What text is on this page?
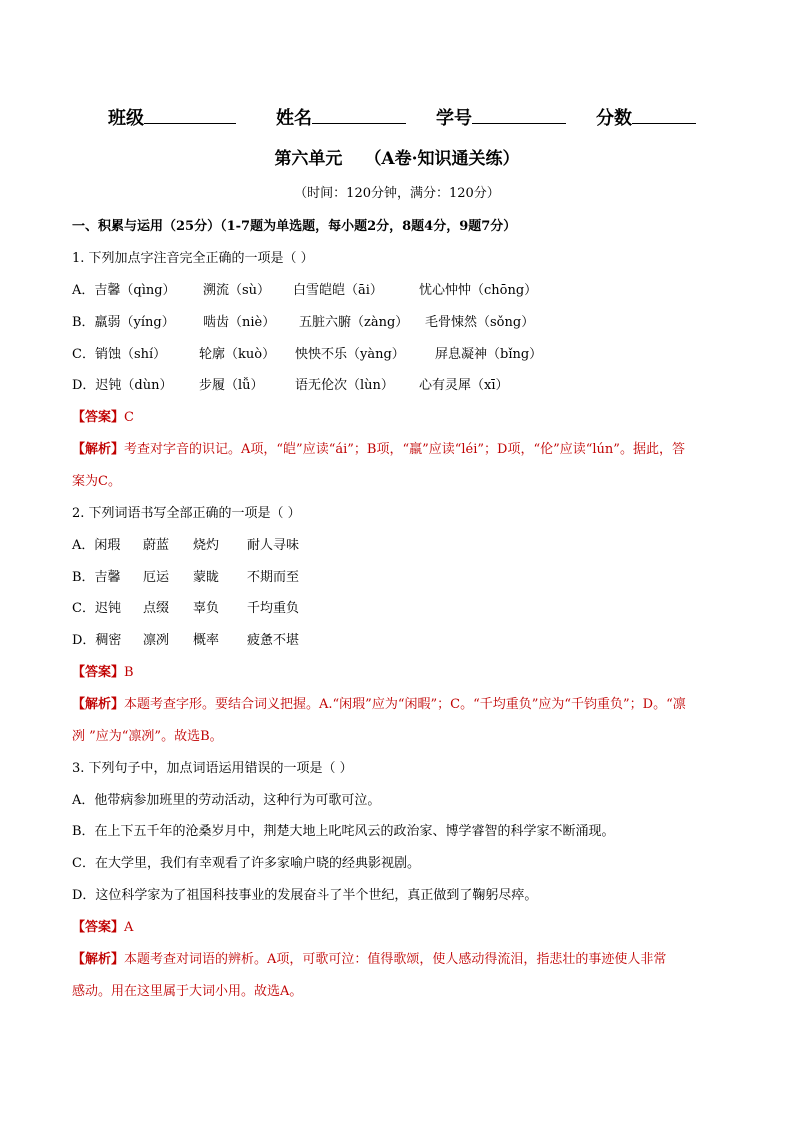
班级	姓名	学号	分数
第六单元 （A卷·知识通关练）
（时间：120分钟，满分：120分）
一、积累与运用（25分）（1-7题为单选题，每小题2分，8题4分，9题7分）
1. 下列加点字注音完全正确的一项是（ ）
A．吉馨（qìng） 溯流（sù） 白雪皑皑（āi）	忧心忡忡（chōng）
B．羸弱（yíng） 啮齿（niè） 五脏六腑（zàng） 毛骨悚然（sǒng）
C．销蚀（shí）	轮廓（kuò） 怏怏不乐（yàng） 屏息凝神（bǐng）
D．迟钝（dùn） 步履（lǚ） 语无伦次（lùn） 心有灵犀（xī）
【答案】C
【解析】考查对字音的识记。A项，“皑”应读“ái”；B项，“羸”应读“léi”；D项，“伦”应读“lún”。据此，答
案为C。
2. 下列词语书写全部正确的一项是（ ）
A．闲瑕 蔚蓝 烧灼 耐人寻味
B．吉馨 厄运 蒙眬 不期而至
C．迟钝 点缀 辜负 千均重负
D．稠密 凛冽 概率 疲惫不堪
【答案】B
【解析】本题考查字形。要结合词义把握。A.“闲瑕”应为“闲暇”；C。“千均重负”应为“千钧重负”；D。“凛
冽 ”应为“凛冽”。故选B。
3. 下列句子中，加点词语运用错误的一项是（ ）
A．他带病参加班里的劳动活动，这种行为可歌可泣。
B．在上下五千年的沧桑岁月中，荆楚大地上叱咤风云的政治家、博学睿智的科学家不断涌现。
C．在大学里，我们有幸观看了许多家喻户晓的经典影视剧。
D．这位科学家为了祖国科技事业的发展奋斗了半个世纪，真正做到了鞠躬尽瘁。
【答案】A
【解析】本题考查对词语的辨析。A项，可歌可泣：值得歌颂，使人感动得流泪，指悲壮的事迹使人非常
感动。用在这里属于大词小用。故选A。
